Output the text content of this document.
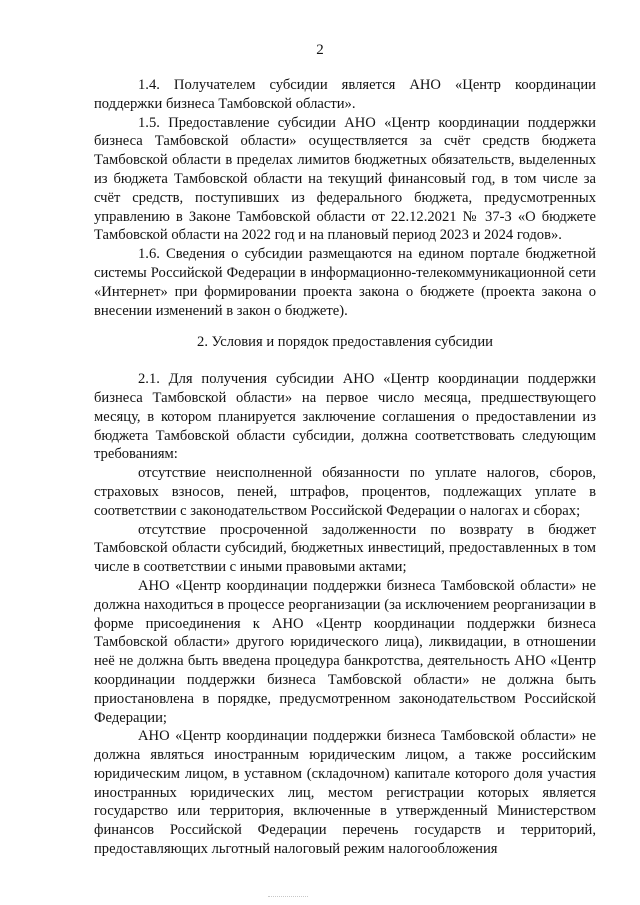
2

1.4. Получателем субсидии является АНО «Центр координации поддержки бизнеса Тамбовской области».

1.5. Предоставление субсидии АНО «Центр координации поддержки бизнеса Тамбовской области» осуществляется за счёт средств бюджета Тамбовской области в пределах лимитов бюджетных обязательств, выделенных из бюджета Тамбовской области на текущий финансовый год, в том числе за счёт средств, поступивших из федерального бюджета, предусмотренных управлению в Законе Тамбовской области от 22.12.2021 № 37-З «О бюджете Тамбовской области на 2022 год и на плановый период 2023 и 2024 годов».

1.6. Сведения о субсидии размещаются на едином портале бюджетной системы Российской Федерации в информационно-телекоммуникационной сети «Интернет» при формировании проекта закона о бюджете (проекта закона о внесении изменений в закон о бюджете).

2. Условия и порядок предоставления субсидии

2.1. Для получения субсидии АНО «Центр координации поддержки бизнеса Тамбовской области» на первое число месяца, предшествующего месяцу, в котором планируется заключение соглашения о предоставлении из бюджета Тамбовской области субсидии, должна соответствовать следующим требованиям:

отсутствие неисполненной обязанности по уплате налогов, сборов, страховых взносов, пеней, штрафов, процентов, подлежащих уплате в соответствии с законодательством Российской Федерации о налогах и сборах;

отсутствие просроченной задолженности по возврату в бюджет Тамбовской области субсидий, бюджетных инвестиций, предоставленных в том числе в соответствии с иными правовыми актами;

АНО «Центр координации поддержки бизнеса Тамбовской области» не должна находиться в процессе реорганизации (за исключением реорганизации в форме присоединения к АНО «Центр координации поддержки бизнеса Тамбовской области» другого юридического лица), ликвидации, в отношении неё не должна быть введена процедура банкротства, деятельность АНО «Центр координации поддержки бизнеса Тамбовской области» не должна быть приостановлена в порядке, предусмотренном законодательством Российской Федерации;

АНО «Центр координации поддержки бизнеса Тамбовской области» не должна являться иностранным юридическим лицом, а также российским юридическим лицом, в уставном (складочном) капитале которого доля участия иностранных юридических лиц, местом регистрации которых является государство или территория, включенные в утвержденный Министерством финансов Российской Федерации перечень государств и территорий, предоставляющих льготный налоговый режим налогообложения
